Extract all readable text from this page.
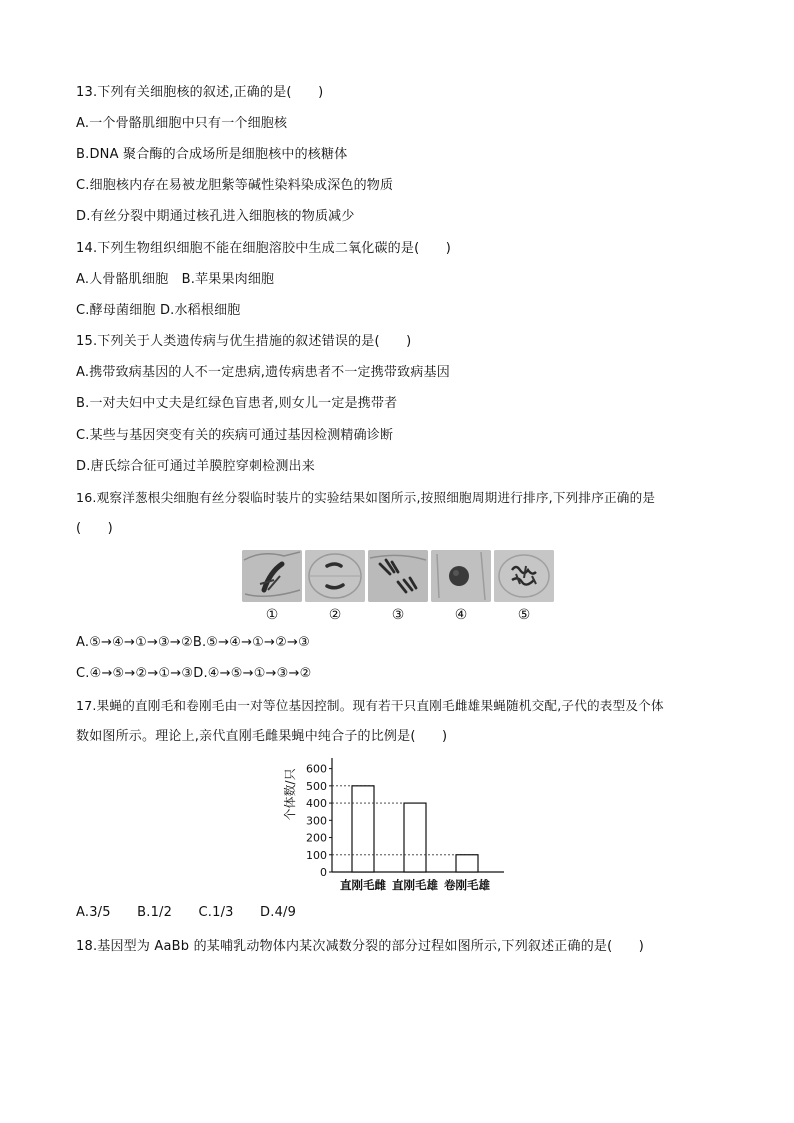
13.下列有关细胞核的叙述,正确的是(　　)
A.一个骨骼肌细胞中只有一个细胞核
B.DNA 聚合酶的合成场所是细胞核中的核糖体
C.细胞核内存在易被龙胆紫等碱性染料染成深色的物质
D.有丝分裂中期通过核孔进入细胞核的物质减少
14.下列生物组织细胞不能在细胞溶胶中生成二氧化碳的是(　　)
A.人骨骼肌细胞　B.苹果果肉细胞
C.酵母菌细胞 D.水稻根细胞
15.下列关于人类遗传病与优生措施的叙述错误的是(　　)
A.携带致病基因的人不一定患病,遗传病患者不一定携带致病基因
B.一对夫妇中丈夫是红绿色盲患者,则女儿一定是携带者
C.某些与基因突变有关的疾病可通过基因检测精确诊断
D.唐氏综合征可通过羊膜腔穿刺检测出来
16.观察洋葱根尖细胞有丝分裂临时装片的实验结果如图所示,按照细胞周期进行排序,下列排序正确的是
(　　)
①	②	③	④	⑤
A.⑤→④→①→③→②B.⑤→④→①→②→③
C.④→⑤→②→①→③D.④→⑤→①→③→②
17.果蝇的直刚毛和卷刚毛由一对等位基因控制。现有若干只直刚毛雌雄果蝇随机交配,子代的表型及个体
数如图所示。理论上,亲代直刚毛雌果蝇中纯合子的比例是(　　)
0
100
200
300
400
500
600
个体数/只
直刚毛雌 直刚毛雄 卷刚毛雄
A.3/5　　B.1/2　　C.1/3　　D.4/9
18.基因型为 AaBb 的某哺乳动物体内某次减数分裂的部分过程如图所示,下列叙述正确的是(　　)
